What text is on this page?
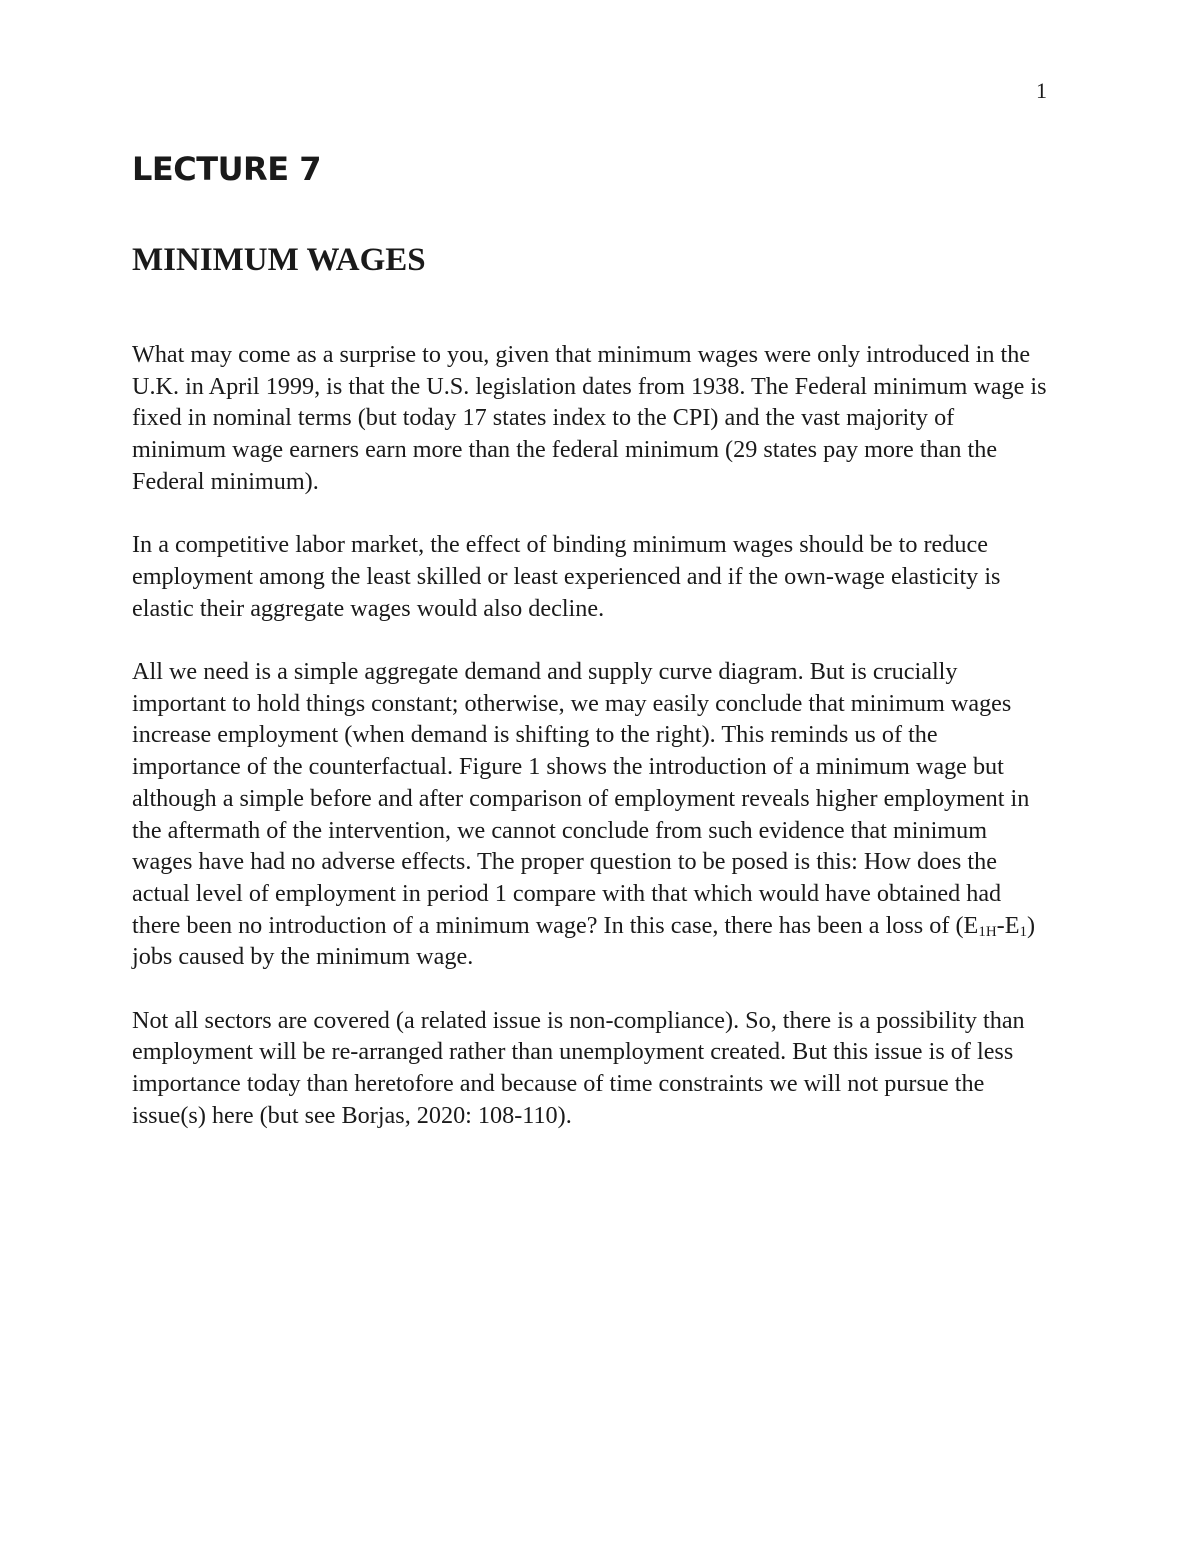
1
LECTURE 7
MINIMUM WAGES

What may come as a surprise to you, given that minimum wages were only introduced in the U.K. in April 1999, is that the U.S. legislation dates from 1938. The Federal minimum wage is fixed in nominal terms (but today 17 states index to the CPI) and the vast majority of minimum wage earners earn more than the federal minimum (29 states pay more than the Federal minimum).

In a competitive labor market, the effect of binding minimum wages should be to reduce employment among the least skilled or least experienced and if the own-wage elasticity is elastic their aggregate wages would also decline.

All we need is a simple aggregate demand and supply curve diagram. But is crucially important to hold things constant; otherwise, we may easily conclude that minimum wages increase employment (when demand is shifting to the right). This reminds us of the importance of the counterfactual. Figure 1 shows the introduction of a minimum wage but although a simple before and after comparison of employment reveals higher employment in the aftermath of the intervention, we cannot conclude from such evidence that minimum wages have had no adverse effects. The proper question to be posed is this: How does the actual level of employment in period 1 compare with that which would have obtained had there been no introduction of a minimum wage? In this case, there has been a loss of $(E_{1H}-E_1)$ jobs caused by the minimum wage.

Not all sectors are covered (a related issue is non-compliance). So, there is a possibility than employment will be re-arranged rather than unemployment created. But this issue is of less importance today than heretofore and because of time constraints we will not pursue the issue(s) here (but see Borjas, 2020: 108-110).
